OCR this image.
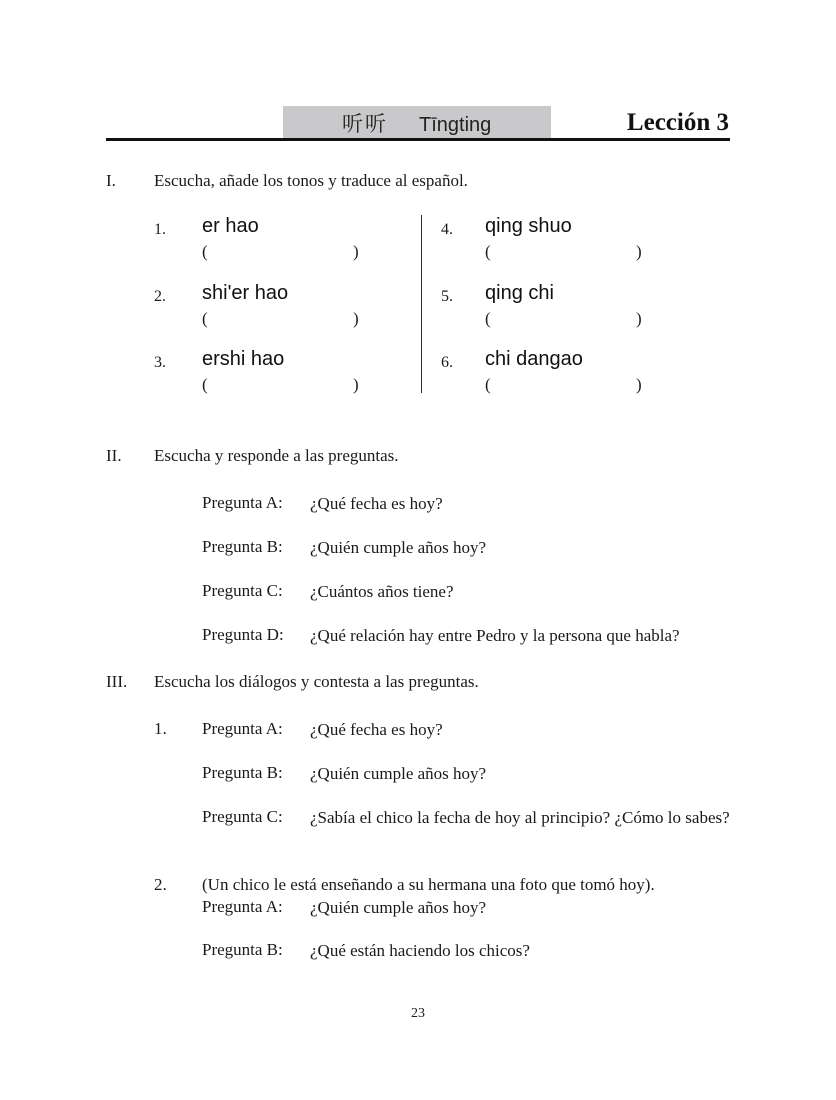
听听 Tīngting	Lección 3
I. Escucha, añade los tonos y traduce al español.
1. er hao
(	)
2. shi'er hao
(	)
3. ershi hao
(	)
4. qing shuo
(	)
5. qing chi
(	)
6. chi dangao
(	)
II. Escucha y responde a las preguntas.
Pregunta A: ¿Qué fecha es hoy?
Pregunta B: ¿Quién cumple años hoy?
Pregunta C: ¿Cuántos años tiene?
Pregunta D: ¿Qué relación hay entre Pedro y la persona que habla?
III. Escucha los diálogos y contesta a las preguntas.
1. Pregunta A: ¿Qué fecha es hoy?
Pregunta B: ¿Quién cumple años hoy?
Pregunta C: ¿Sabía el chico la fecha de hoy al principio? ¿Cómo lo sabes?
2. (Un chico le está enseñando a su hermana una foto que tomó hoy).
Pregunta A: ¿Quién cumple años hoy?
Pregunta B: ¿Qué están haciendo los chicos?
23
